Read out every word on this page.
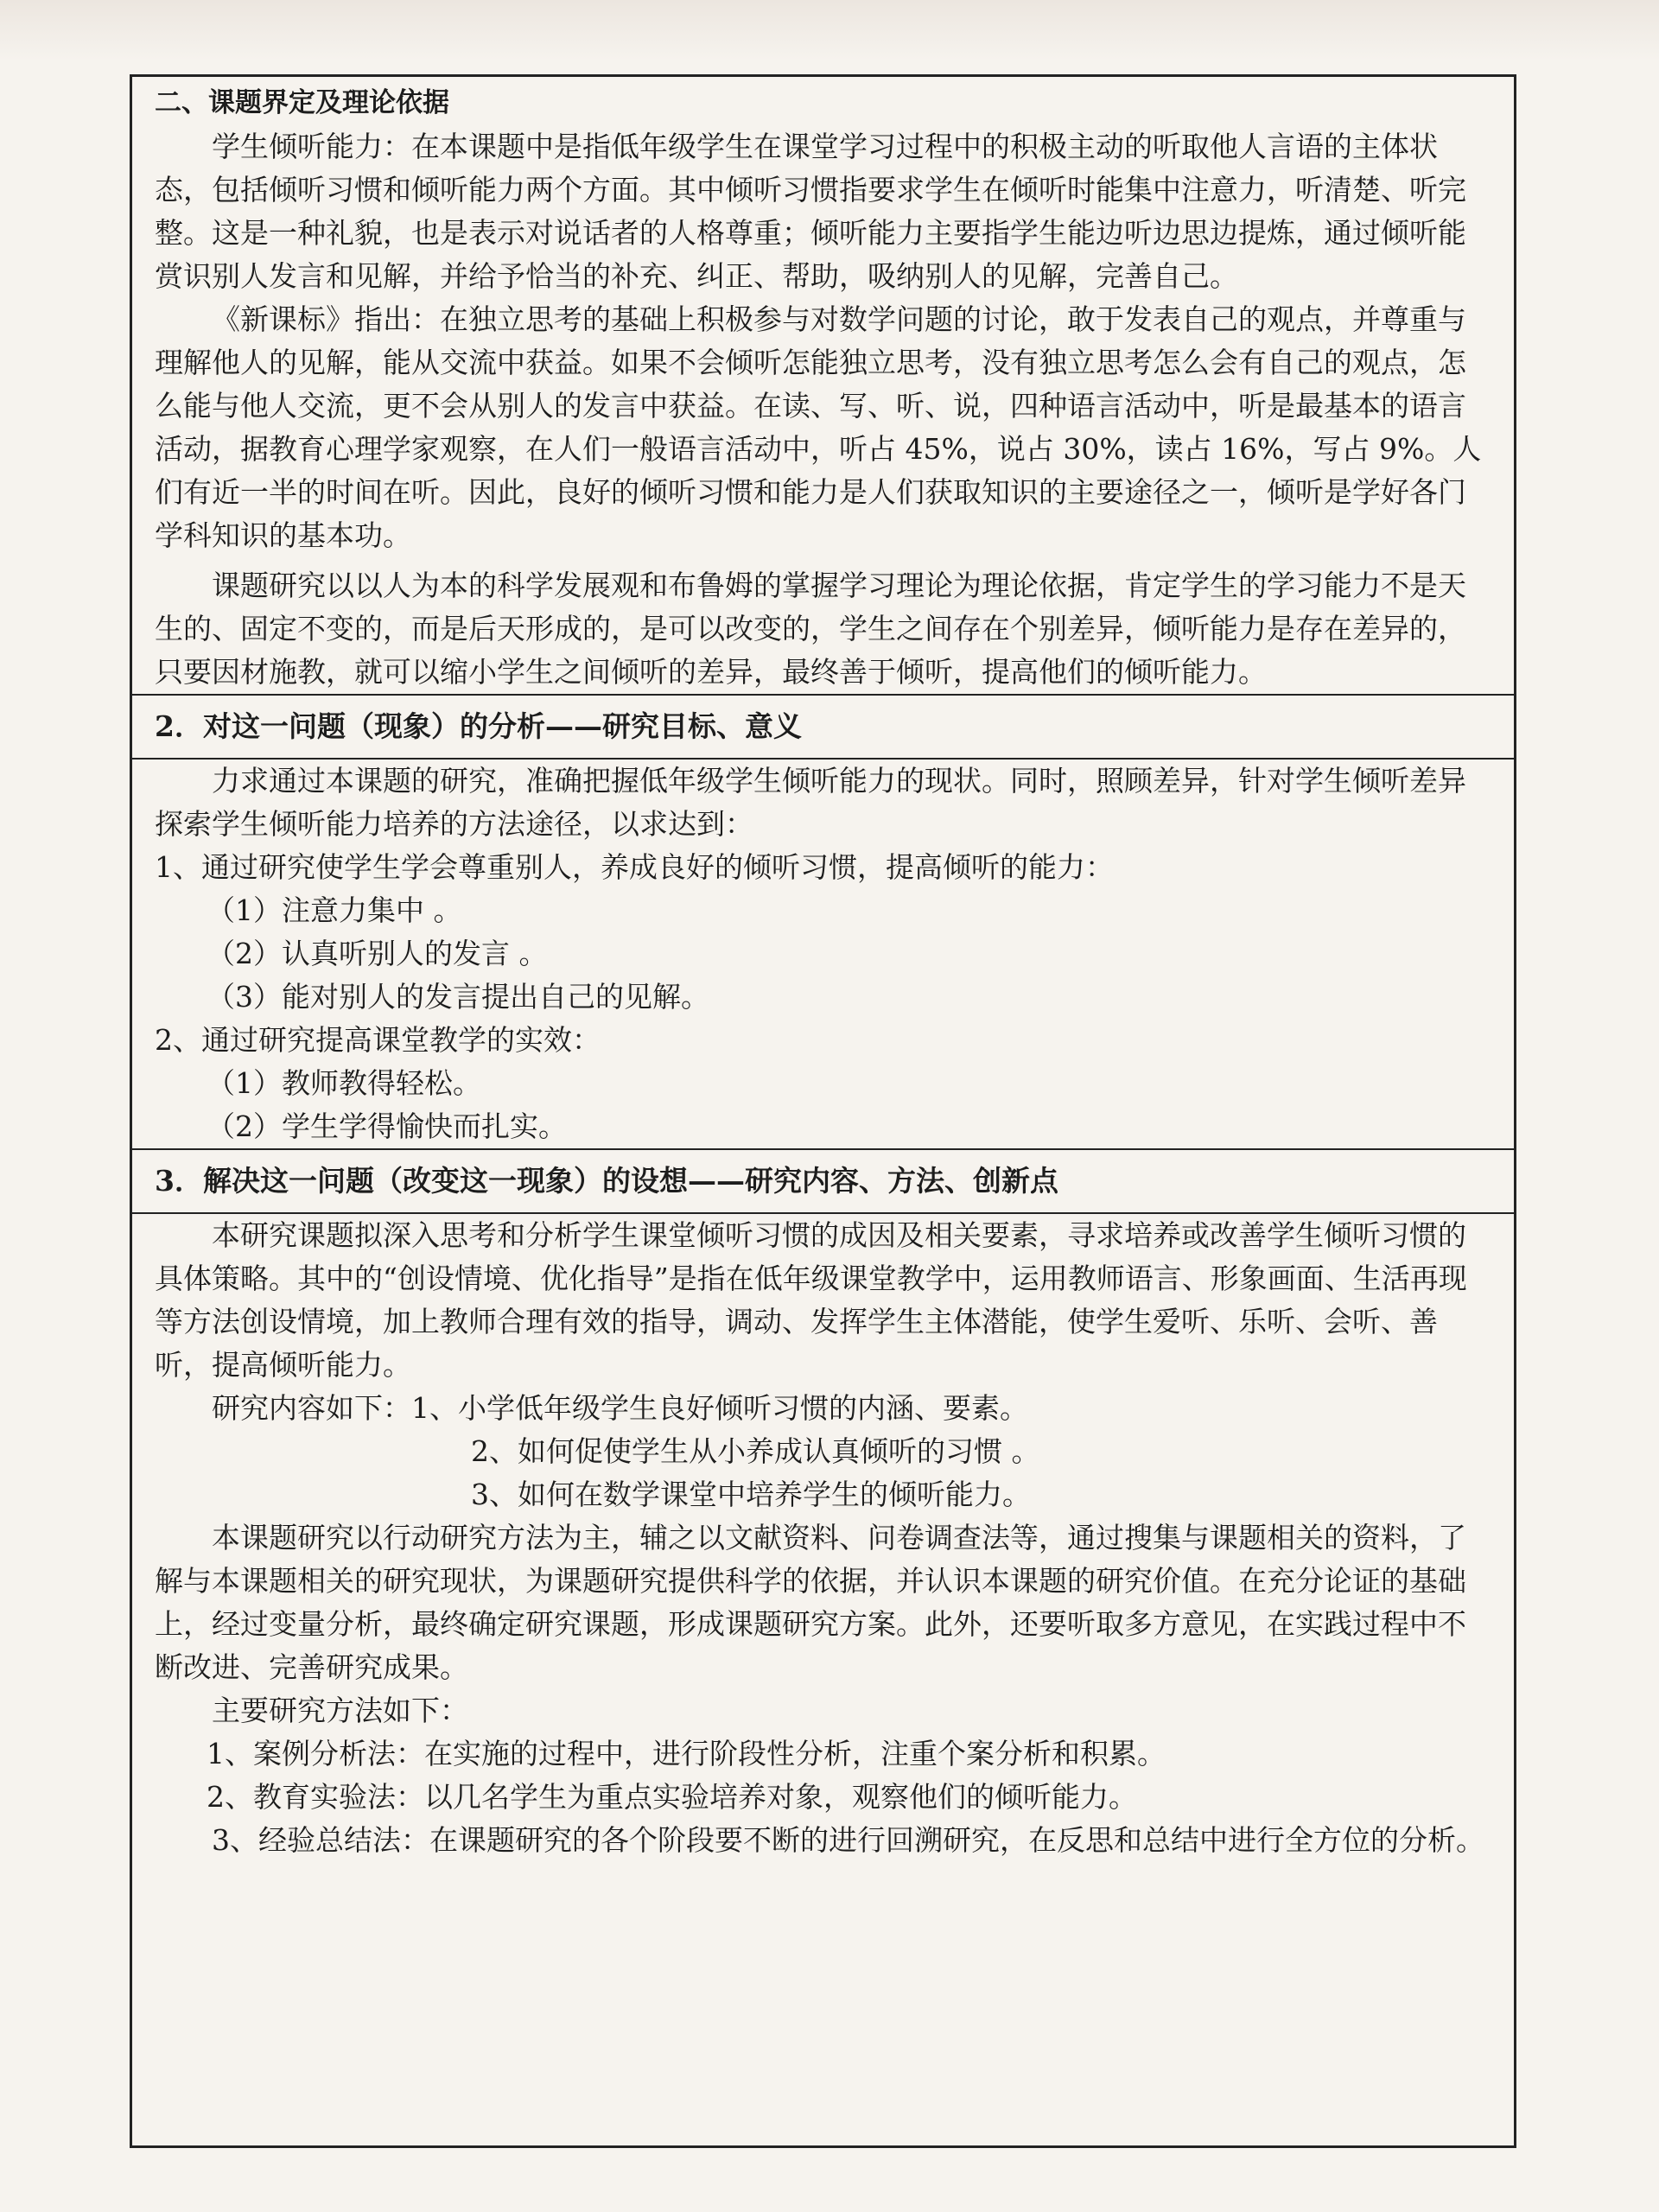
二、课题界定及理论依据

学生倾听能力：在本课题中是指低年级学生在课堂学习过程中的积极主动的听取他人言语的主体状态，包括倾听习惯和倾听能力两个方面。其中倾听习惯指要求学生在倾听时能集中注意力，听清楚、听完整。这是一种礼貌，也是表示对说话者的人格尊重；倾听能力主要指学生能边听边思边提炼，通过倾听能赏识别人发言和见解，并给予恰当的补充、纠正、帮助，吸纳别人的见解，完善自己。

《新课标》指出：在独立思考的基础上积极参与对数学问题的讨论，敢于发表自己的观点，并尊重与理解他人的见解，能从交流中获益。如果不会倾听怎能独立思考，没有独立思考怎么会有自己的观点，怎么能与他人交流，更不会从别人的发言中获益。在读、写、听、说，四种语言活动中，听是最基本的语言活动，据教育心理学家观察，在人们一般语言活动中，听占 45%，说占 30%，读占 16%，写占 9%。人们有近一半的时间在听。因此，良好的倾听习惯和能力是人们获取知识的主要途径之一，倾听是学好各门学科知识的基本功。

课题研究以以人为本的科学发展观和布鲁姆的掌握学习理论为理论依据，肯定学生的学习能力不是天生的、固定不变的，而是后天形成的，是可以改变的，学生之间存在个别差异，倾听能力是存在差异的，只要因材施教，就可以缩小学生之间倾听的差异，最终善于倾听，提高他们的倾听能力。

2．对这一问题（现象）的分析——研究目标、意义

力求通过本课题的研究，准确把握低年级学生倾听能力的现状。同时，照顾差异，针对学生倾听差异探索学生倾听能力培养的方法途径，以求达到：

1、通过研究使学生学会尊重别人，养成良好的倾听习惯，提高倾听的能力：

（1）注意力集中 。

（2）认真听别人的发言 。

（3）能对别人的发言提出自己的见解。

2、通过研究提高课堂教学的实效：

（1）教师教得轻松。

（2）学生学得愉快而扎实。

3．解决这一问题（改变这一现象）的设想——研究内容、方法、创新点

本研究课题拟深入思考和分析学生课堂倾听习惯的成因及相关要素，寻求培养或改善学生倾听习惯的具体策略。其中的“创设情境、优化指导”是指在低年级课堂教学中，运用教师语言、形象画面、生活再现等方法创设情境，加上教师合理有效的指导，调动、发挥学生主体潜能，使学生爱听、乐听、会听、善听，提高倾听能力。

研究内容如下：1、小学低年级学生良好倾听习惯的内涵、要素。

2、如何促使学生从小养成认真倾听的习惯 。

3、如何在数学课堂中培养学生的倾听能力。

本课题研究以行动研究方法为主，辅之以文献资料、问卷调查法等，通过搜集与课题相关的资料，了解与本课题相关的研究现状，为课题研究提供科学的依据，并认识本课题的研究价值。在充分论证的基础上，经过变量分析，最终确定研究课题，形成课题研究方案。此外，还要听取多方意见，在实践过程中不断改进、完善研究成果。

主要研究方法如下：

1、案例分析法：在实施的过程中，进行阶段性分析，注重个案分析和积累。

2、教育实验法：以几名学生为重点实验培养对象，观察他们的倾听能力。

3、经验总结法：在课题研究的各个阶段要不断的进行回溯研究，在反思和总结中进行全方位的分析。
